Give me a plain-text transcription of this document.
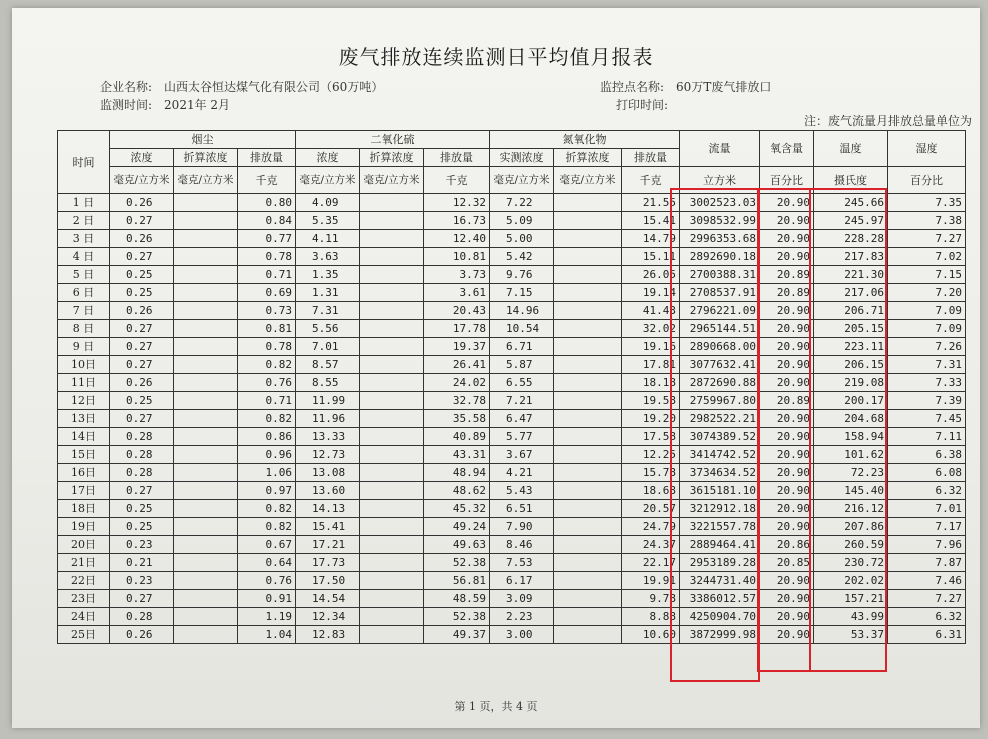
废气排放连续监测日平均值月报表
企业名称: 山西太谷恒达煤气化有限公司（60万吨）
监测时间: 2021年 2月
监控点名称: 60万T废气排放口
打印时间:
注：废气流量月排放总量单位为
时间	烟尘			二氧化硫			氮氧化物			流量	氧含量	温度	湿度
	浓度	折算浓度	排放量	浓度	折算浓度	排放量	实测浓度	折算浓度	排放量				
	毫克/立方米	毫克/立方米	千克	毫克/立方米	毫克/立方米	千克	毫克/立方米	毫克/立方米	千克	立方米	百分比	摄氏度	百分比
1 日	0.26		0.80	4.09		12.32	7.22		21.55	3002523.03	20.90	245.66	7.35
2 日	0.27		0.84	5.35		16.73	5.09		15.41	3098532.99	20.90	245.97	7.38
3 日	0.26		0.77	4.11		12.40	5.00		14.79	2996353.68	20.90	228.28	7.27
4 日	0.27		0.78	3.63		10.81	5.42		15.11	2892690.18	20.90	217.83	7.02
5 日	0.25		0.71	1.35		3.73	9.76		26.05	2700388.31	20.89	221.30	7.15
6 日	0.25		0.69	1.31		3.61	7.15		19.14	2708537.91	20.89	217.06	7.20
7 日	0.26		0.73	7.31		20.43	14.96		41.43	2796221.09	20.90	206.71	7.09
8 日	0.27		0.81	5.56		17.78	10.54		32.02	2965144.51	20.90	205.15	7.09
9 日	0.27		0.78	7.01		19.37	6.71		19.16	2890668.00	20.90	223.11	7.26
10日	0.27		0.82	8.57		26.41	5.87		17.81	3077632.41	20.90	206.15	7.31
11日	0.26		0.76	8.55		24.02	6.55		18.18	2872690.88	20.90	219.08	7.33
12日	0.25		0.71	11.99		32.78	7.21		19.58	2759967.80	20.89	200.17	7.39
13日	0.27		0.82	11.96		35.58	6.47		19.20	2982522.21	20.90	204.68	7.45
14日	0.28		0.86	13.33		40.89	5.77		17.58	3074389.52	20.90	158.94	7.11
15日	0.28		0.96	12.73		43.31	3.67		12.25	3414742.52	20.90	101.62	6.38
16日	0.28		1.06	13.08		48.94	4.21		15.78	3734634.52	20.90	72.23	6.08
17日	0.27		0.97	13.60		48.62	5.43		18.68	3615181.10	20.90	145.40	6.32
18日	0.25		0.82	14.13		45.32	6.51		20.57	3212912.18	20.90	216.12	7.01
19日	0.25		0.82	15.41		49.24	7.90		24.79	3221557.78	20.90	207.86	7.17
20日	0.23		0.67	17.21		49.63	8.46		24.37	2889464.41	20.86	260.59	7.96
21日	0.21		0.64	17.73		52.38	7.53		22.17	2953189.28	20.85	230.72	7.87
22日	0.23		0.76	17.50		56.81	6.17		19.91	3244731.40	20.90	202.02	7.46
23日	0.27		0.91	14.54		48.59	3.09		9.78	3386012.57	20.90	157.21	7.27
24日	0.28		1.19	12.34		52.38	2.23		8.88	4250904.70	20.90	43.99	6.32
25日	0.26		1.04	12.83		49.37	3.00		10.60	3872999.98	20.90	53.37	6.31
第 1 页，共 4 页
